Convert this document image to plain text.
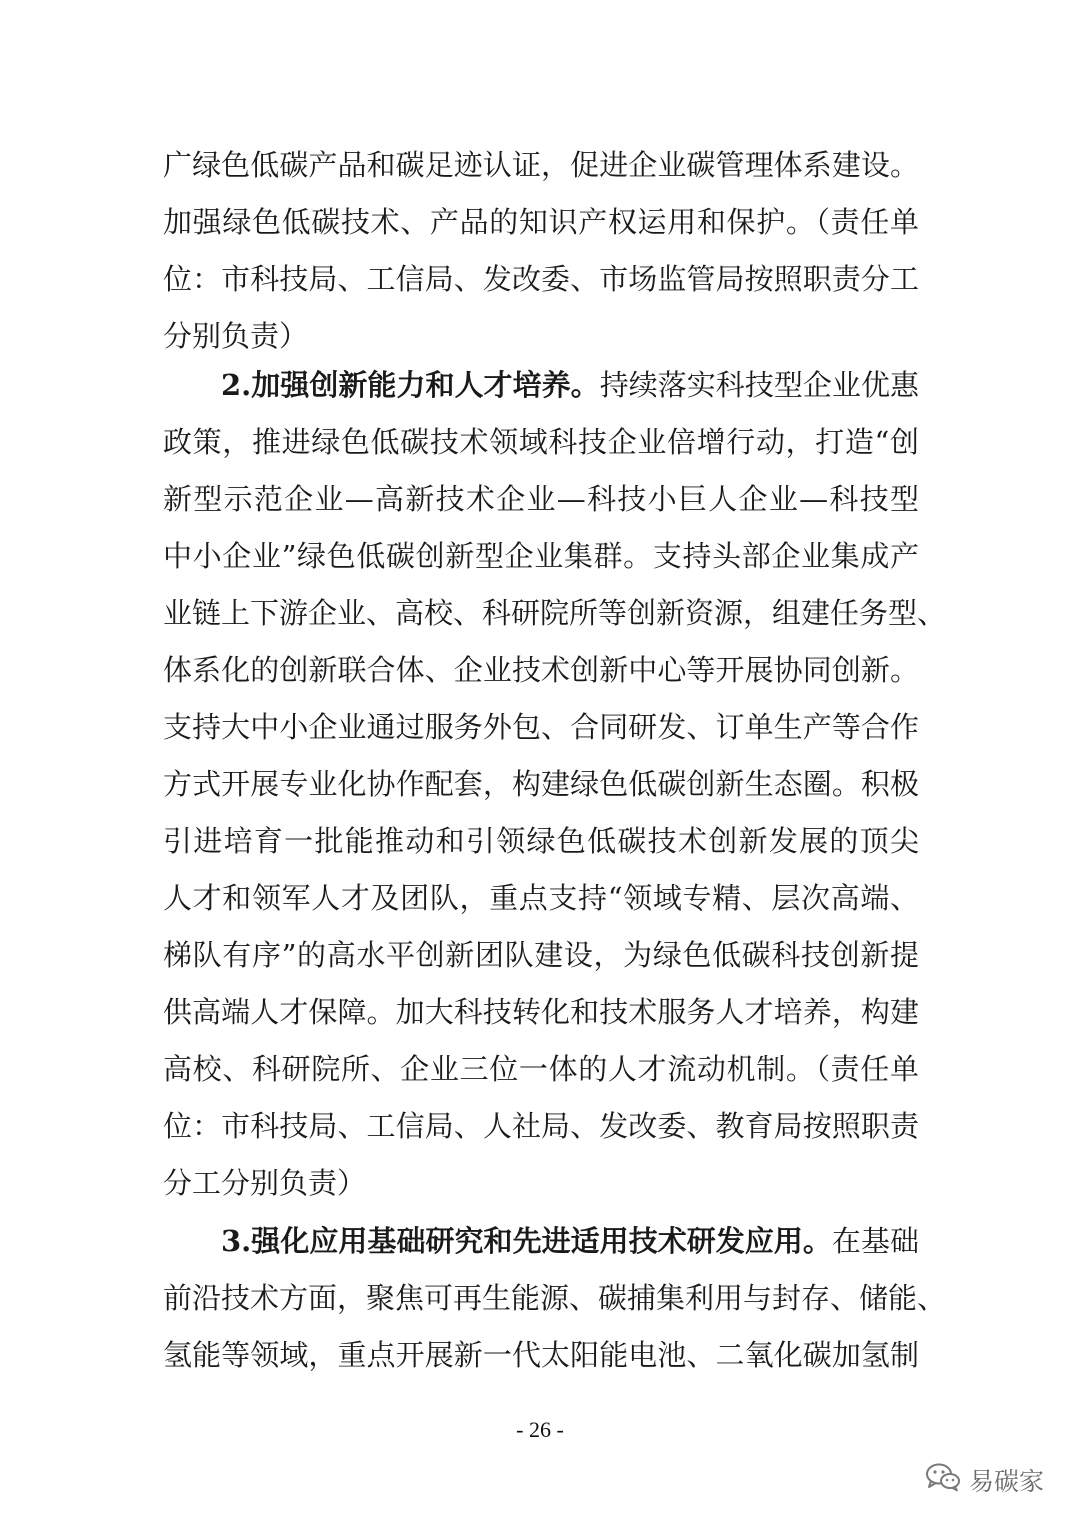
广绿色低碳产品和碳足迹认证，促进企业碳管理体系建设。
加强绿色低碳技术、产品的知识产权运用和保护。（责任单
位：市科技局、工信局、发改委、市场监管局按照职责分工
分别负责）
2.加强创新能力和人才培养。持续落实科技型企业优惠
政策，推进绿色低碳技术领域科技企业倍增行动，打造“创
新型示范企业—高新技术企业—科技小巨人企业—科技型
中小企业”绿色低碳创新型企业集群。支持头部企业集成产
业链上下游企业、高校、科研院所等创新资源，组建任务型、
体系化的创新联合体、企业技术创新中心等开展协同创新。
支持大中小企业通过服务外包、合同研发、订单生产等合作
方式开展专业化协作配套，构建绿色低碳创新生态圈。积极
引进培育一批能推动和引领绿色低碳技术创新发展的顶尖
人才和领军人才及团队，重点支持“领域专精、层次高端、
梯队有序”的高水平创新团队建设，为绿色低碳科技创新提
供高端人才保障。加大科技转化和技术服务人才培养，构建
高校、科研院所、企业三位一体的人才流动机制。（责任单
位：市科技局、工信局、人社局、发改委、教育局按照职责
分工分别负责）
3.强化应用基础研究和先进适用技术研发应用。在基础
前沿技术方面，聚焦可再生能源、碳捕集利用与封存、储能、
氢能等领域，重点开展新一代太阳能电池、二氧化碳加氢制
- 26 -
易碳家
